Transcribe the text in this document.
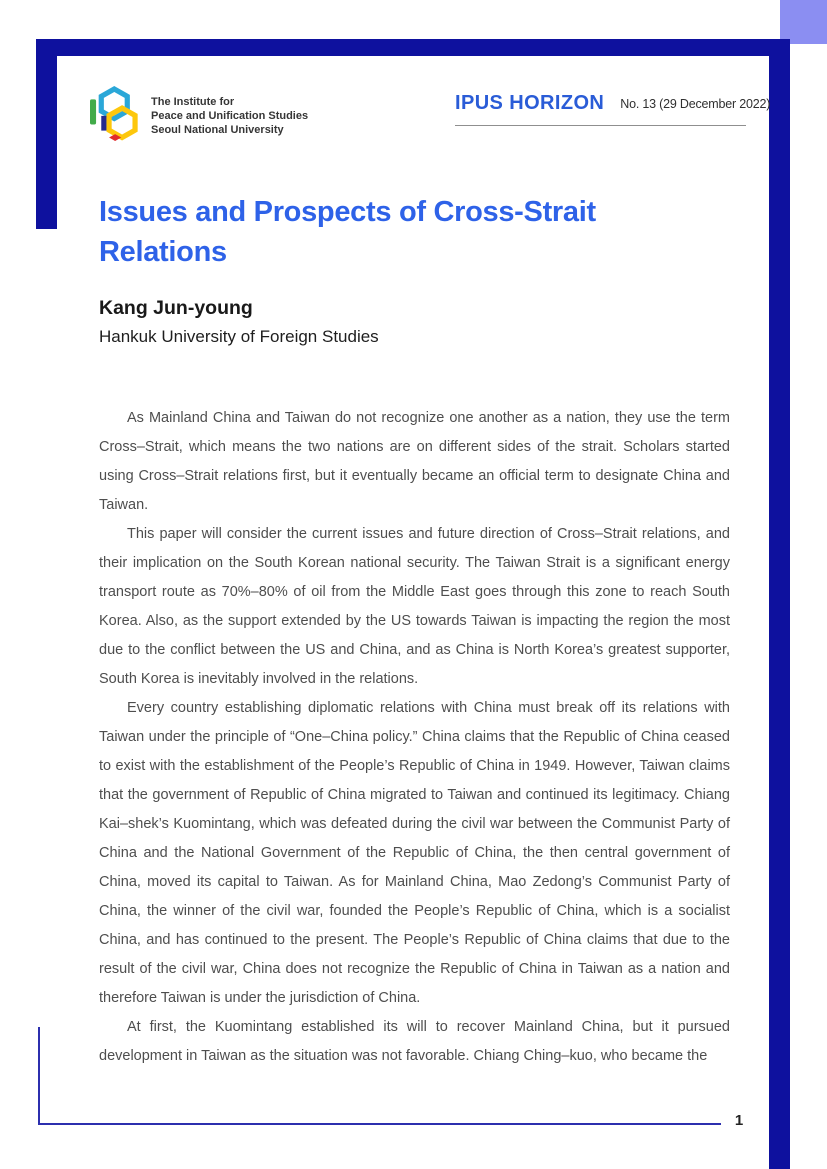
The Institute for
Peace and Unification Studies
Seoul National University
IPUS HORIZON No. 13 (29 December 2022)
Issues and Prospects of Cross-Strait
Relations
Kang Jun-young
Hankuk University of Foreign Studies

As Mainland China and Taiwan do not recognize one another as a nation, they use the term Cross–Strait, which means the two nations are on different sides of the strait. Scholars started using Cross–Strait relations first, but it eventually became an official term to designate China and Taiwan.

This paper will consider the current issues and future direction of Cross–Strait relations, and their implication on the South Korean national security. The Taiwan Strait is a significant energy transport route as 70%–80% of oil from the Middle East goes through this zone to reach South Korea. Also, as the support extended by the US towards Taiwan is impacting the region the most due to the conflict between the US and China, and as China is North Korea’s greatest supporter, South Korea is inevitably involved in the relations.

Every country establishing diplomatic relations with China must break off its relations with Taiwan under the principle of “One–China policy.” China claims that the Republic of China ceased to exist with the establishment of the People’s Republic of China in 1949. However, Taiwan claims that the government of Republic of China migrated to Taiwan and continued its legitimacy. Chiang Kai–shek’s Kuomintang, which was defeated during the civil war between the Communist Party of China and the National Government of the Republic of China, the then central government of China, moved its capital to Taiwan. As for Mainland China, Mao Zedong’s Communist Party of China, the winner of the civil war, founded the People’s Republic of China, which is a socialist China, and has continued to the present. The People’s Republic of China claims that due to the result of the civil war, China does not recognize the Republic of China in Taiwan as a nation and therefore Taiwan is under the jurisdiction of China.

At first, the Kuomintang established its will to recover Mainland China, but it pursued development in Taiwan as the situation was not favorable. Chiang Ching–kuo, who became the

1
